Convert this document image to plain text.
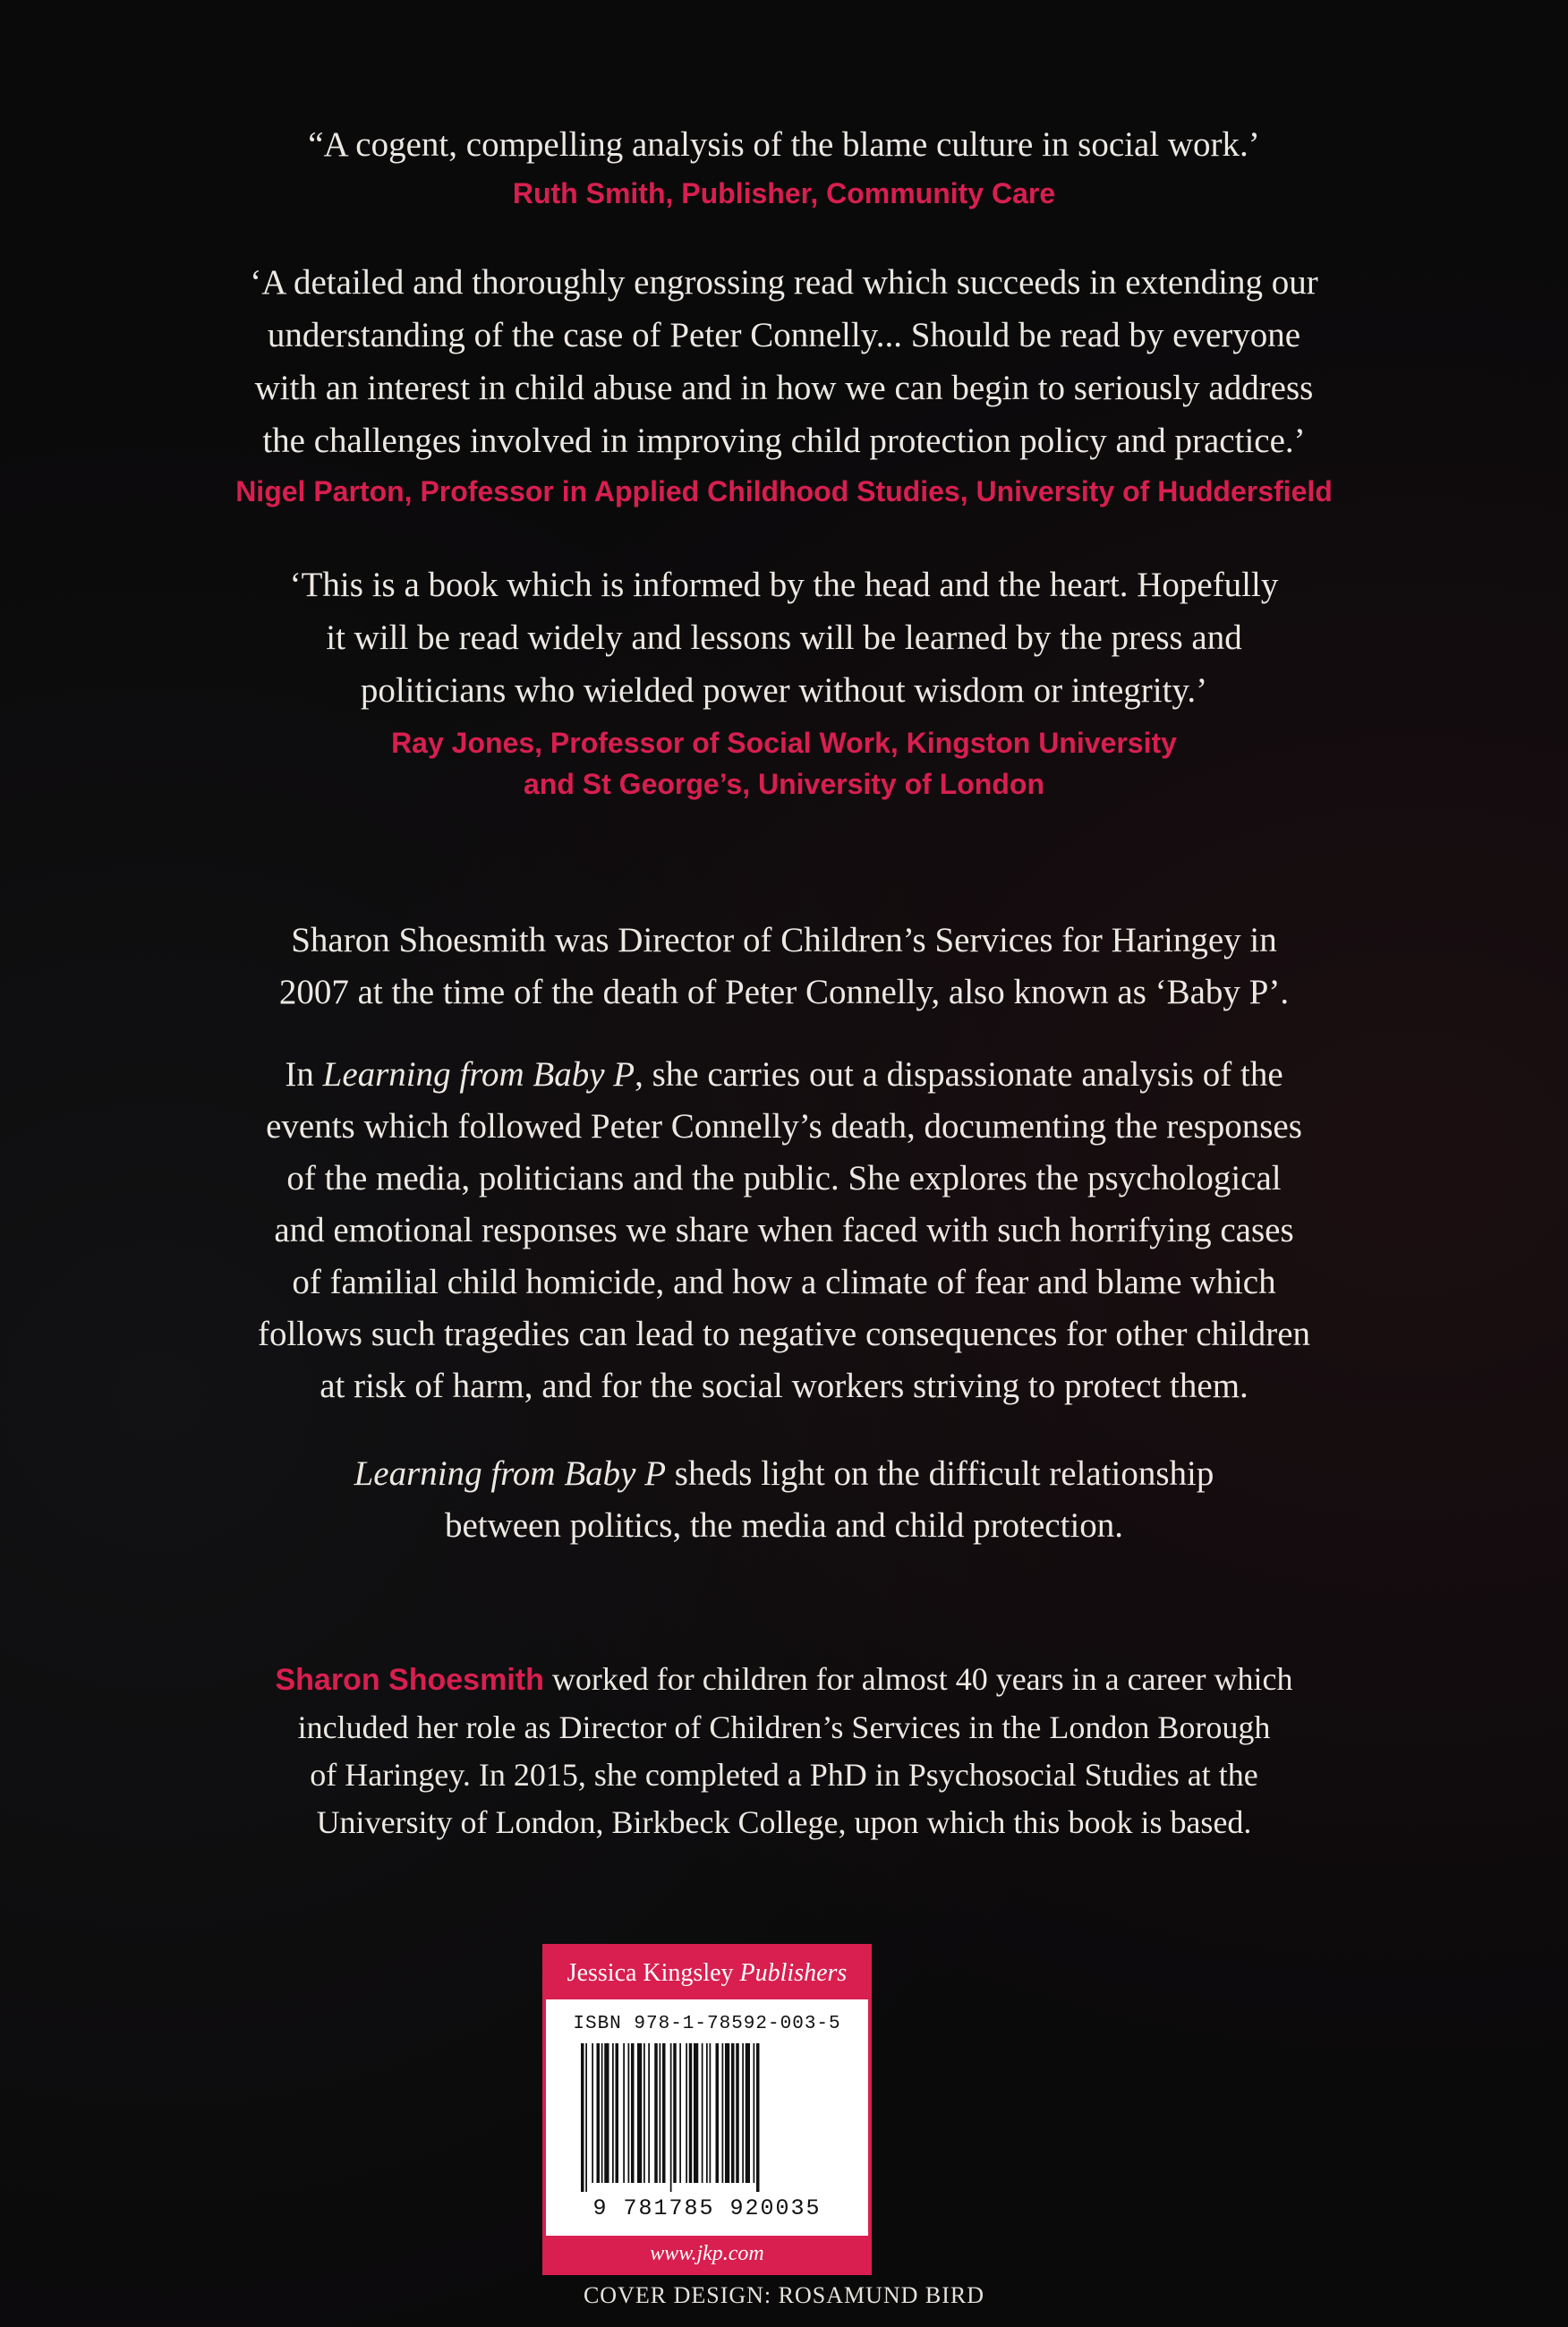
“A cogent, compelling analysis of the blame culture in social work.’

Ruth Smith, Publisher, Community Care

‘A detailed and thoroughly engrossing read which succeeds in extending our

understanding of the case of Peter Connelly... Should be read by everyone

with an interest in child abuse and in how we can begin to seriously address

the challenges involved in improving child protection policy and practice.’

Nigel Parton, Professor in Applied Childhood Studies, University of Huddersfield

‘This is a book which is informed by the head and the heart. Hopefully

it will be read widely and lessons will be learned by the press and

politicians who wielded power without wisdom or integrity.’

Ray Jones, Professor of Social Work, Kingston University

and St George’s, University of London

Sharon Shoesmith was Director of Children’s Services for Haringey in

2007 at the time of the death of Peter Connelly, also known as ‘Baby P’.

In Learning from Baby P, she carries out a dispassionate analysis of the

events which followed Peter Connelly’s death, documenting the responses

of the media, politicians and the public. She explores the psychological

and emotional responses we share when faced with such horrifying cases

of familial child homicide, and how a climate of fear and blame which

follows such tragedies can lead to negative consequences for other children

at risk of harm, and for the social workers striving to protect them.

Learning from Baby P sheds light on the difficult relationship

between politics, the media and child protection.

Sharon Shoesmith worked for children for almost 40 years in a career which

included her role as Director of Children’s Services in the London Borough

of Haringey. In 2015, she completed a PhD in Psychosocial Studies at the

University of London, Birkbeck College, upon which this book is based.

Jessica Kingsley Publishers
ISBN 978-1-78592-003-5
9 781785 920035
www.jkp.com
COVER DESIGN: ROSAMUND BIRD
